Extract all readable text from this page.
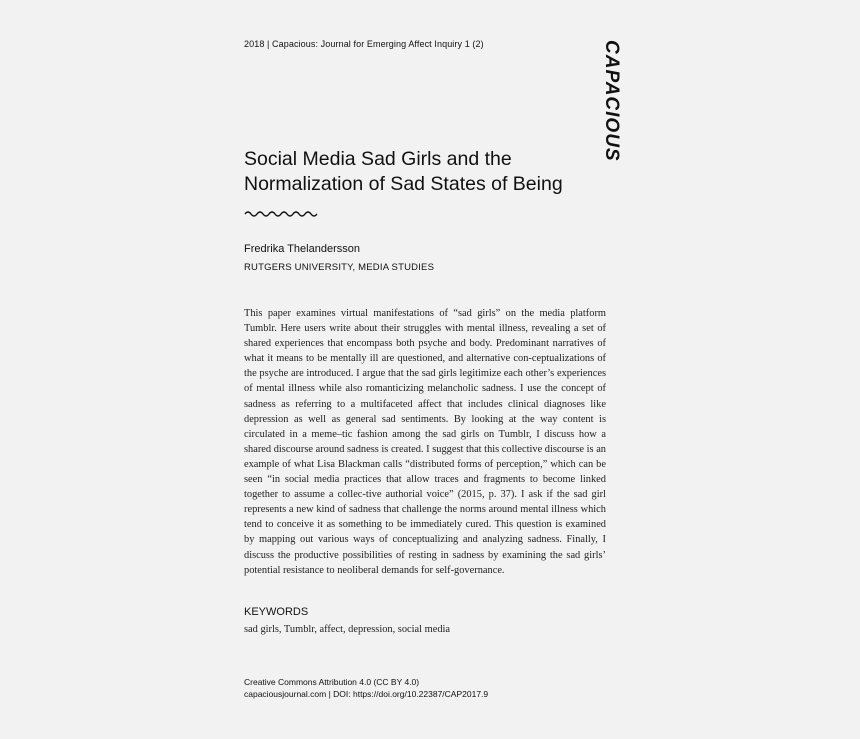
2018 | Capacious: Journal for Emerging Affect Inquiry 1 (2)	CAPACIOUS
Social Media Sad Girls and the Normalization of Sad States of Being
Fredrika Thelandersson
RUTGERS UNIVERSITY, MEDIA STUDIES
This paper examines virtual manifestations of “sad girls” on the media platform Tumblr. Here users write about their struggles with mental illness, revealing a set of shared experiences that encompass both psyche and body. Predominant narratives of what it means to be mentally ill are questioned, and alternative con-ceptualizations of the psyche are introduced. I argue that the sad girls legitimize each other’s experiences of mental illness while also romanticizing melancholic sadness. I use the concept of sadness as referring to a multifaceted affect that includes clinical diagnoses like depression as well as general sad sentiments. By looking at the way content is circulated in a meme–tic fashion among the sad girls on Tumblr, I discuss how a shared discourse around sadness is created. I suggest that this collective discourse is an example of what Lisa Blackman calls “distributed forms of perception,” which can be seen “in social media practices that allow traces and fragments to become linked together to assume a collec-tive authorial voice” (2015, p. 37). I ask if the sad girl represents a new kind of sadness that challenge the norms around mental illness which tend to conceive it as something to be immediately cured. This question is examined by mapping out various ways of conceptualizing and analyzing sadness. Finally, I discuss the productive possibilities of resting in sadness by examining the sad girls’ potential resistance to neoliberal demands for self-governance.
KEYWORDS
sad girls, Tumblr, affect, depression, social media
Creative Commons Attribution 4.0 (CC BY 4.0)
capaciousjournal.com | DOI: https://doi.org/10.22387/CAP2017.9
